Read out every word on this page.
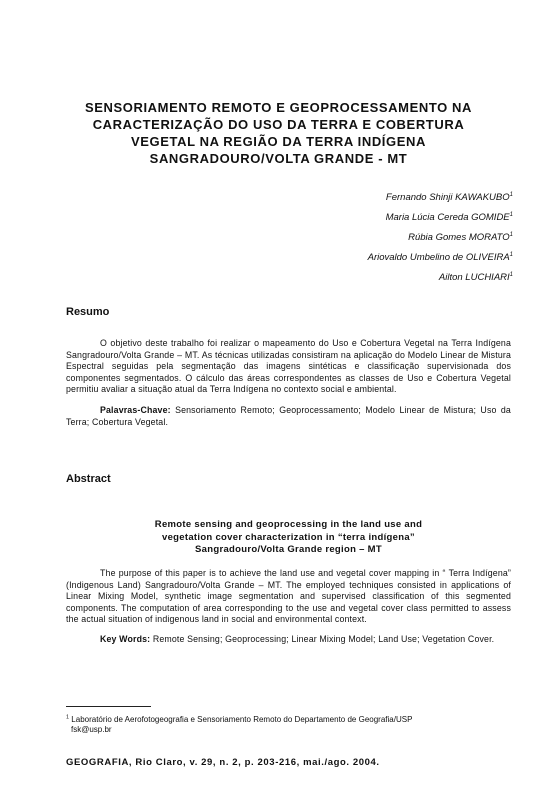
SENSORIAMENTO REMOTO E GEOPROCESSAMENTO NA
CARACTERIZAÇÃO DO USO DA TERRA E COBERTURA
VEGETAL NA REGIÃO DA TERRA INDÍGENA
SANGRADOURO/VOLTA GRANDE - MT
Fernando Shinji KAWAKUBO$^1$
Maria Lúcia Cereda GOMIDE$^1$
Rúbia Gomes MORATO$^1$
Ariovaldo Umbelino de OLIVEIRA$^1$
Ailton LUCHIARI$^1$
Resumo
O objetivo deste trabalho foi realizar o mapeamento do Uso e Cobertura Vegetal na Terra Indígena Sangradouro/Volta Grande – MT. As técnicas utilizadas consistiram na aplicação do Modelo Linear de Mistura Espectral seguidas pela segmentação das imagens sintéticas e classificação supervisionada dos componentes segmentados. O cálculo das áreas correspondentes as classes de Uso e Cobertura Vegetal permitiu avaliar a situação atual da Terra Indígena no contexto social e ambiental.
Palavras-Chave: Sensoriamento Remoto; Geoprocessamento; Modelo Linear de Mistura; Uso da Terra; Cobertura Vegetal.
Abstract
Remote sensing and geoprocessing in the land use and
vegetation cover characterization in “terra indígena”
Sangradouro/Volta Grande region – MT
The purpose of this paper is to achieve the land use and vegetal cover mapping in “ Terra Indígena” (Indigenous Land) Sangradouro/Volta Grande – MT. The employed techniques consisted in applications of Linear Mixing Model, synthetic image segmentation and supervised classification of this segmented components. The computation of area corresponding to the use and vegetal cover class permitted to assess the actual situation of indigenous land in social and environmental context.
Key Words: Remote Sensing; Geoprocessing; Linear Mixing Model; Land Use; Vegetation Cover.
$^1$ Laboratório de Aerofotogeografia e Sensoriamento Remoto do Departamento de Geografia/USP
fsk@usp.br
GEOGRAFIA, Rio Claro, v. 29, n. 2, p. 203-216, mai./ago. 2004.
